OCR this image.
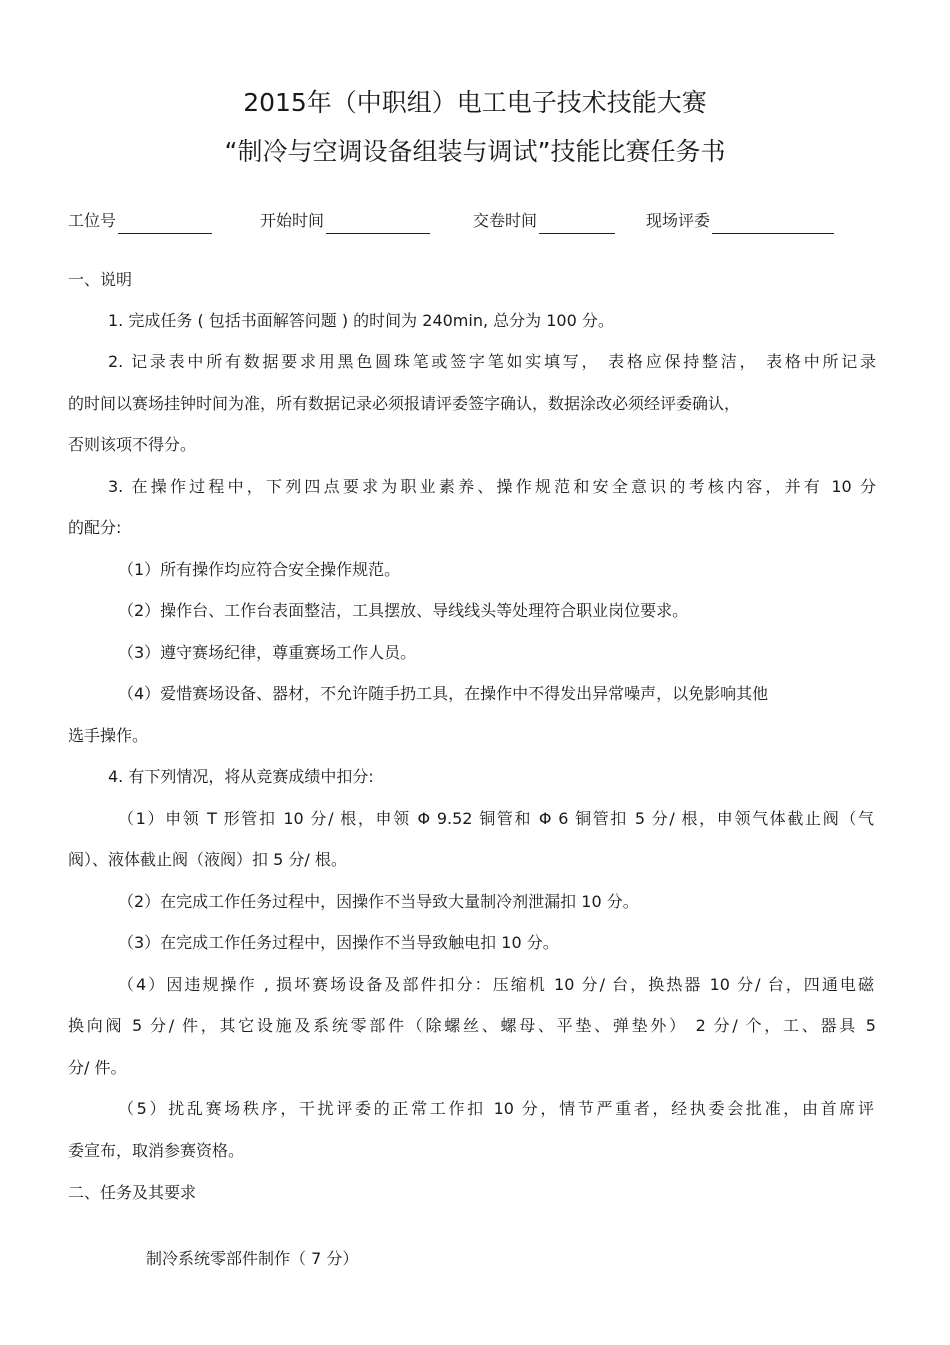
2015年（中职组）电工电子技术技能大赛
“制冷与空调设备组装与调试”技能比赛任务书
工位号	开始时间	交卷时间	现场评委
一、说明
1. 完成任务 ( 包括书面解答问题 ) 的时间为 240min, 总分为 100 分。
2. 记录表中所有数据要求用黑色圆珠笔或签字笔如实填写， 表格应保持整洁， 表格中所记录
的时间以赛场挂钟时间为准，所有数据记录必须报请评委签字确认，数据涂改必须经评委确认，
否则该项不得分。
3. 在操作过程中，下列四点要求为职业素养、操作规范和安全意识的考核内容，并有 10 分
的配分:
（1）所有操作均应符合安全操作规范。
（2）操作台、工作台表面整洁，工具摆放、导线线头等处理符合职业岗位要求。
（3）遵守赛场纪律，尊重赛场工作人员。
（4）爱惜赛场设备、器材，不允许随手扔工具，在操作中不得发出异常噪声，以免影响其他
选手操作。
4. 有下列情况，将从竞赛成绩中扣分:
（1）申领 T 形管扣 10 分/ 根，申领 Φ 9.52 铜管和 Φ 6 铜管扣 5 分/ 根，申领气体截止阀（气
阀）、液体截止阀（液阀）扣 5 分/ 根。
（2）在完成工作任务过程中，因操作不当导致大量制冷剂泄漏扣 10 分。
（3）在完成工作任务过程中，因操作不当导致触电扣 10 分。
（4）因违规操作 , 损坏赛场设备及部件扣分：压缩机 10 分/ 台，换热器 10 分/ 台，四通电磁
换向阀 5 分/ 件，其它设施及系统零部件（除螺丝、螺母、平垫、弹垫外） 2 分/ 个，工、器具 5
分/ 件。
（5）扰乱赛场秩序，干扰评委的正常工作扣 10 分，情节严重者，经执委会批准，由首席评
委宣布，取消参赛资格。
二、任务及其要求
制冷系统零部件制作（ 7 分）
